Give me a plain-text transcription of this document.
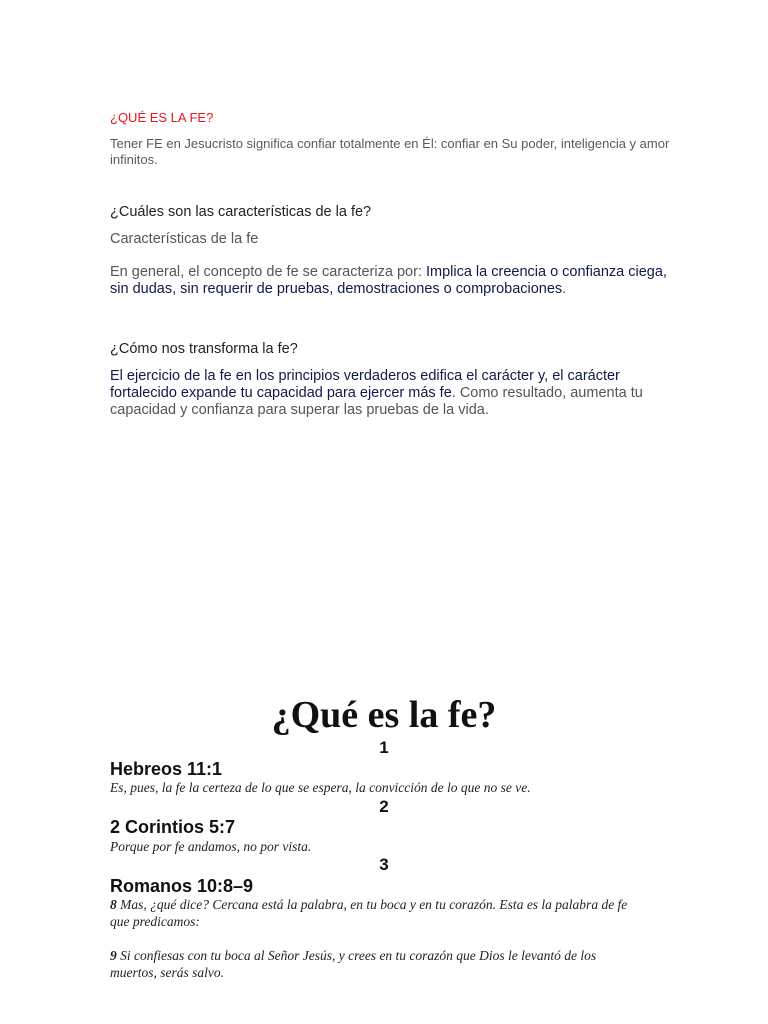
¿QUÉ ES LA FE?
Tener FE en Jesucristo significa confiar totalmente en Él: confiar en Su poder, inteligencia y amor infinitos.
¿Cuáles son las características de la fe?
Características de la fe
En general, el concepto de fe se caracteriza por: Implica la creencia o confianza ciega, sin dudas, sin requerir de pruebas, demostraciones o comprobaciones.
¿Cómo nos transforma la fe?
El ejercicio de la fe en los principios verdaderos edifica el carácter y, el carácter fortalecido expande tu capacidad para ejercer más fe. Como resultado, aumenta tu capacidad y confianza para superar las pruebas de la vida.
¿Qué es la fe?
1
Hebreos 11:1
Es, pues, la fe la certeza de lo que se espera, la convicción de lo que no se ve.
2
2 Corintios 5:7
Porque por fe andamos, no por vista.
3
Romanos 10:8–9
8 Mas, ¿qué dice? Cercana está la palabra, en tu boca y en tu corazón. Esta es la palabra de fe que predicamos:
9 Si confiesas con tu boca al Señor Jesús, y crees en tu corazón que Dios le levantó de los muertos, serás salvo.
